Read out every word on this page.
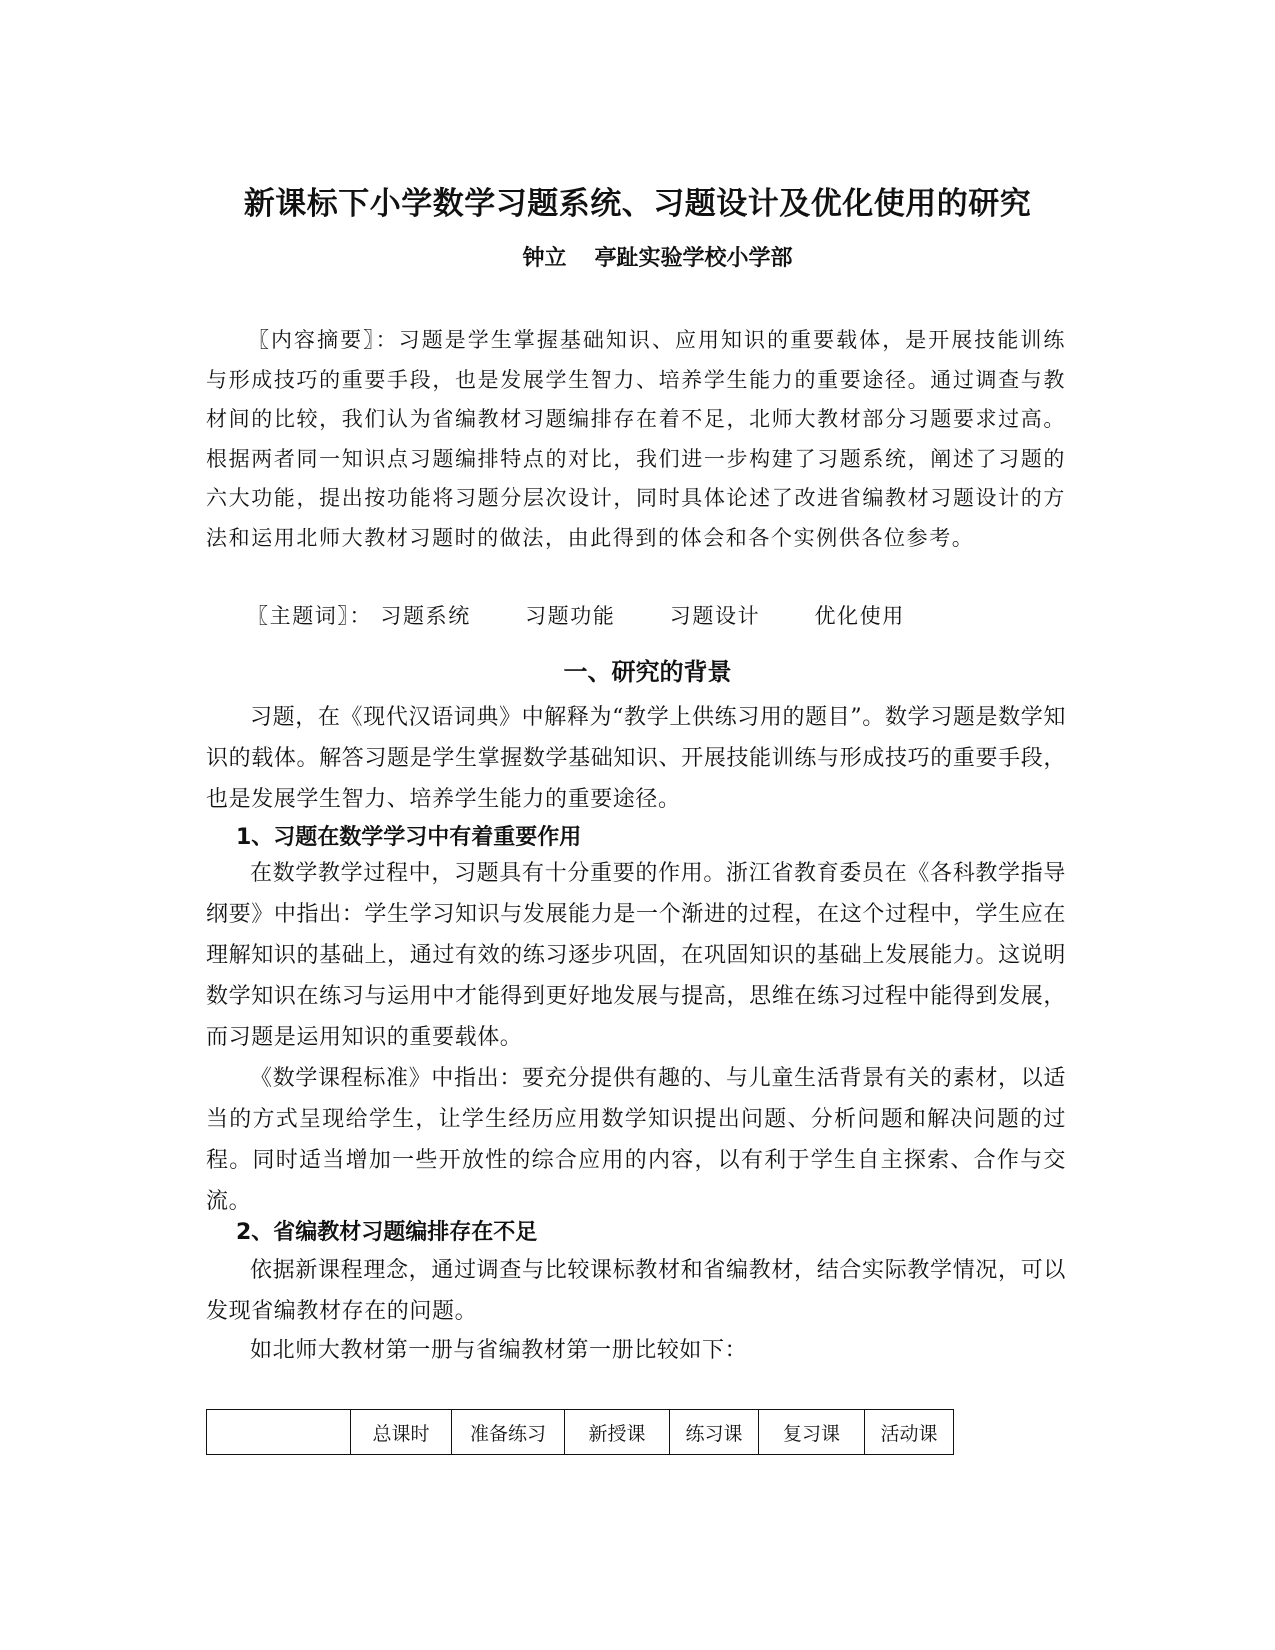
新课标下小学数学习题系统、习题设计及优化使用的研究
钟立 亭趾实验学校小学部
〖内容摘要〗：习题是学生掌握基础知识、应用知识的重要载体，是开展技能训练与形成技巧的重要手段，也是发展学生智力、培养学生能力的重要途径。通过调查与教材间的比较，我们认为省编教材习题编排存在着不足，北师大教材部分习题要求过高。根据两者同一知识点习题编排特点的对比，我们进一步构建了习题系统，阐述了习题的六大功能，提出按功能将习题分层次设计，同时具体论述了改进省编教材习题设计的方法和运用北师大教材习题时的做法，由此得到的体会和各个实例供各位参考。
〖主题词〗： 习题系统	习题功能	习题设计	优化使用
一、研究的背景
习题，在《现代汉语词典》中解释为“教学上供练习用的题目”。数学习题是数学知识的载体。解答习题是学生掌握数学基础知识、开展技能训练与形成技巧的重要手段，也是发展学生智力、培养学生能力的重要途径。
1、习题在数学学习中有着重要作用
在数学教学过程中，习题具有十分重要的作用。浙江省教育委员在《各科教学指导纲要》中指出：学生学习知识与发展能力是一个渐进的过程，在这个过程中，学生应在理解知识的基础上，通过有效的练习逐步巩固，在巩固知识的基础上发展能力。这说明数学知识在练习与运用中才能得到更好地发展与提高，思维在练习过程中能得到发展，而习题是运用知识的重要载体。
《数学课程标准》中指出：要充分提供有趣的、与儿童生活背景有关的素材，以适当的方式呈现给学生，让学生经历应用数学知识提出问题、分析问题和解决问题的过程。同时适当增加一些开放性的综合应用的内容，以有利于学生自主探索、合作与交流。
2、省编教材习题编排存在不足
依据新课程理念，通过调查与比较课标教材和省编教材，结合实际教学情况，可以发现省编教材存在的问题。
如北师大教材第一册与省编教材第一册比较如下：
	总课时	准备练习	新授课	练习课	复习课	活动课
